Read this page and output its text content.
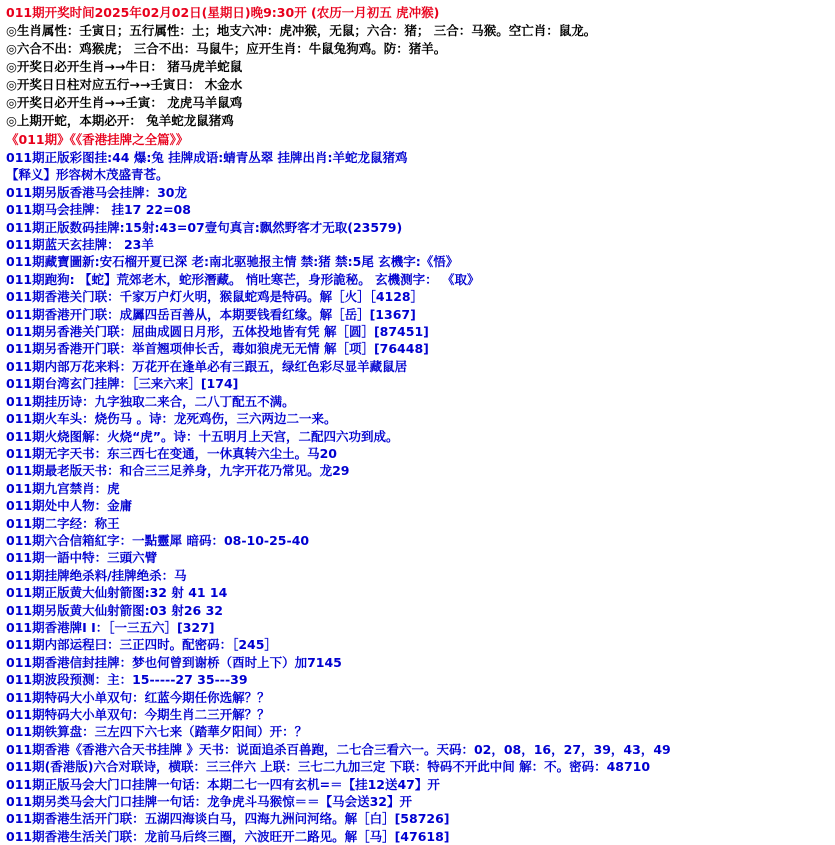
011期开奖时间2025年02月02日(星期日)晚9:30开 (农历一月初五 虎冲猴)
◎生肖属性：壬寅日；五行属性：土；地支六冲：虎冲猴，无鼠；六合：猪； 三合：马猴。空亡肖：鼠龙。
◎六合不出：鸡猴虎； 三合不出：马鼠牛；应开生肖：牛鼠兔狗鸡。防：猪羊。
◎开奖日必开生肖→→牛日： 猪马虎羊蛇鼠
◎开奖日日柱对应五行→→壬寅日： 木金水
◎开奖日必开生肖→→壬寅： 龙虎马羊鼠鸡
◎上期开蛇，本期必开： 兔羊蛇龙鼠猪鸡
《011期》《《香港挂牌之全篇》》
011期正版彩图挂:44 爆:兔 挂牌成语:蜻青丛翠 挂牌出肖:羊蛇龙鼠猪鸡
【释义】形容树木茂盛青苍。
011期另版香港马会挂牌：30龙
011期马会挂牌： 挂17 22=08
011期正版数码挂牌:15射:43=07壹句真言:飘然野客才无取(23579)
011期蓝天玄挂牌： 23羊
011期藏寶圖新:安石榴开夏已深 老:南北驱驰报主情 禁:猪 禁:5尾 玄機字:《悟》
011期跑狗: 【蛇】荒郊老木，蛇形潛藏。 悄吐寒芒，身形詭秘。 玄機测字： 《取》
011期香港关门联：千家万户灯火明，猴鼠蛇鸡是特码。解［火］［4128］
011期香港开门联：成羼四岳百善从，本期要钱看红缘。解［岳］[1367]
011期另香港关门联：屈曲成圆日月形，五体投地皆有凭 解［圆］[87451]
011期另香港开门联：举首翘项伸长舌，毒如狼虎无无情 解［项］[76448]
011期内部万花来料：万花开在逢单必有三跟五，绿红色彩尽显羊藏鼠居
011期台湾玄门挂牌：［三来六来］[174]
011期挂历诗：九字独取二来合，二八丁配五不满。
011期火车头：烧伤马 。诗：龙死鸡伤，三六两边二一来。
011期火烧图解：火烧“虎”。诗：十五明月上天宫，二配四六功到成。
011期无字天书：东三西七在变通，一休真转六尘土。马20
011期最老版天书：和合三三足养身，九字开花乃常见。龙29
011期九宫禁肖：虎
011期处中人物：金庸
011期二字经：称王
011期六合信箱紅字：一點靈犀 暗码：08-10-25-40
011期一語中特：三頭六臂
011期挂牌绝杀料/挂牌绝杀：马
011期正版黄大仙射箭图:32 射 41 14
011期另版黄大仙射箭图:03 射26 32
011期香港牌Ⅰ Ⅰ：［一三五六］[327]
011期内部运程曰：三正四时。配密码：［245］
011期香港信封挂牌：梦也何曾到谢桥（酉时上下）加7145
011期波段预测：主：15-----27 35---39
011期特码大小单双句：红蓝今期任你选解？？
011期特码大小单双句：今期生肖二三开解？？
011期铁算盘：三左四下六七来（踏華夕阳间）开：？
011期香港《香港六合天书挂牌 》天书：说面追杀百兽跑，二七合三看六一。天码：02，08，16，27，39，43，49
011期(香港版)六合对联诗，横联：三三伴六 上联：三七二九加三定 下联：特码不开此中间 解：不。密码：48710
011期正版马会大门口挂牌一句话：本期二七一四有玄机=＝【挂12送47】开
011期另类马会大门口挂牌一句话：龙争虎斗马猴惊＝＝【马会送32】开
011期香港生活开门联：五湖四海谈白马，四海九洲问河络。解［白］[58726]
011期香港生活关门联：龙前马后终三圈，六波旺开二路见。解［马］[47618]
